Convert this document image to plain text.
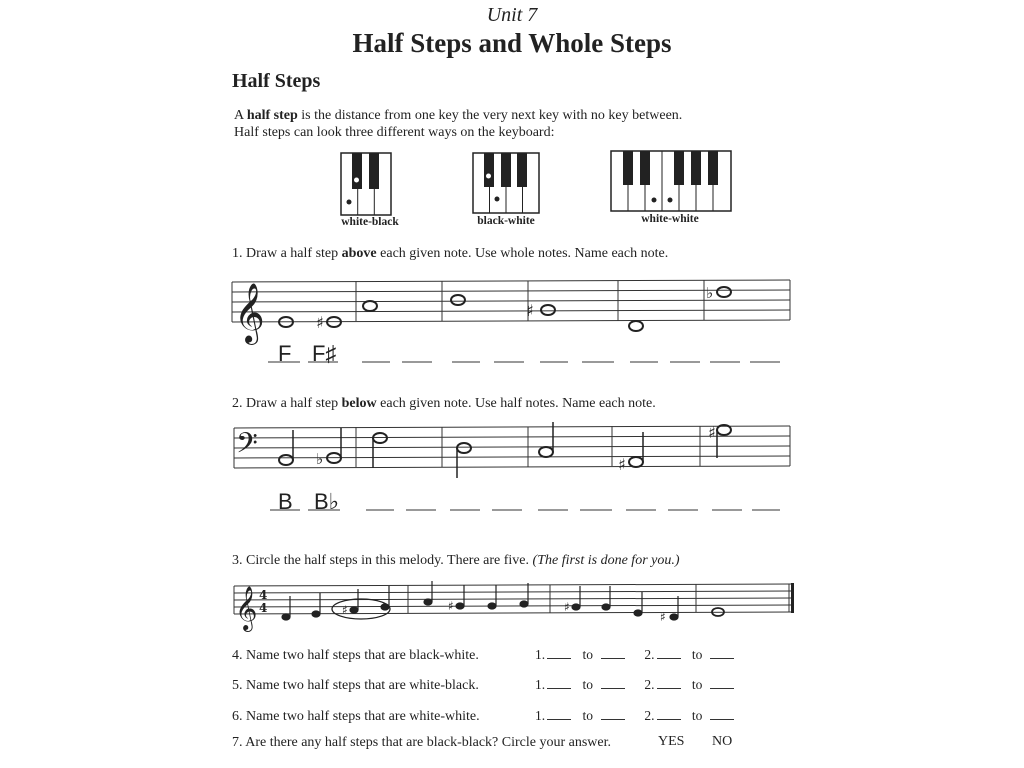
Unit 7
Half Steps and Whole Steps
Half Steps
A half step is the distance from one key the very next key with no key between.
Half steps can look three different ways on the keyboard:
white-black	black-white	white-white
1. Draw a half step above each given note. Use whole notes. Name each note.
𝄞	♯
♯
♭
F F♯
2. Draw a half step below each given note. Use half notes. Name each note.
𝄢	♭	♯
♯
B B♭
3. Circle the half steps in this melody. There are five. (The first is done for you.)
𝄞 4
4	♯	♯	♯
♯
4. Name two half steps that are black-white.	1.	to	2.	to
5. Name two half steps that are white-black.	1.	to	2.	to
6. Name two half steps that are white-white.	1.	to	2.	to
7. Are there any half steps that are black-black? Circle your answer.	YES NO
